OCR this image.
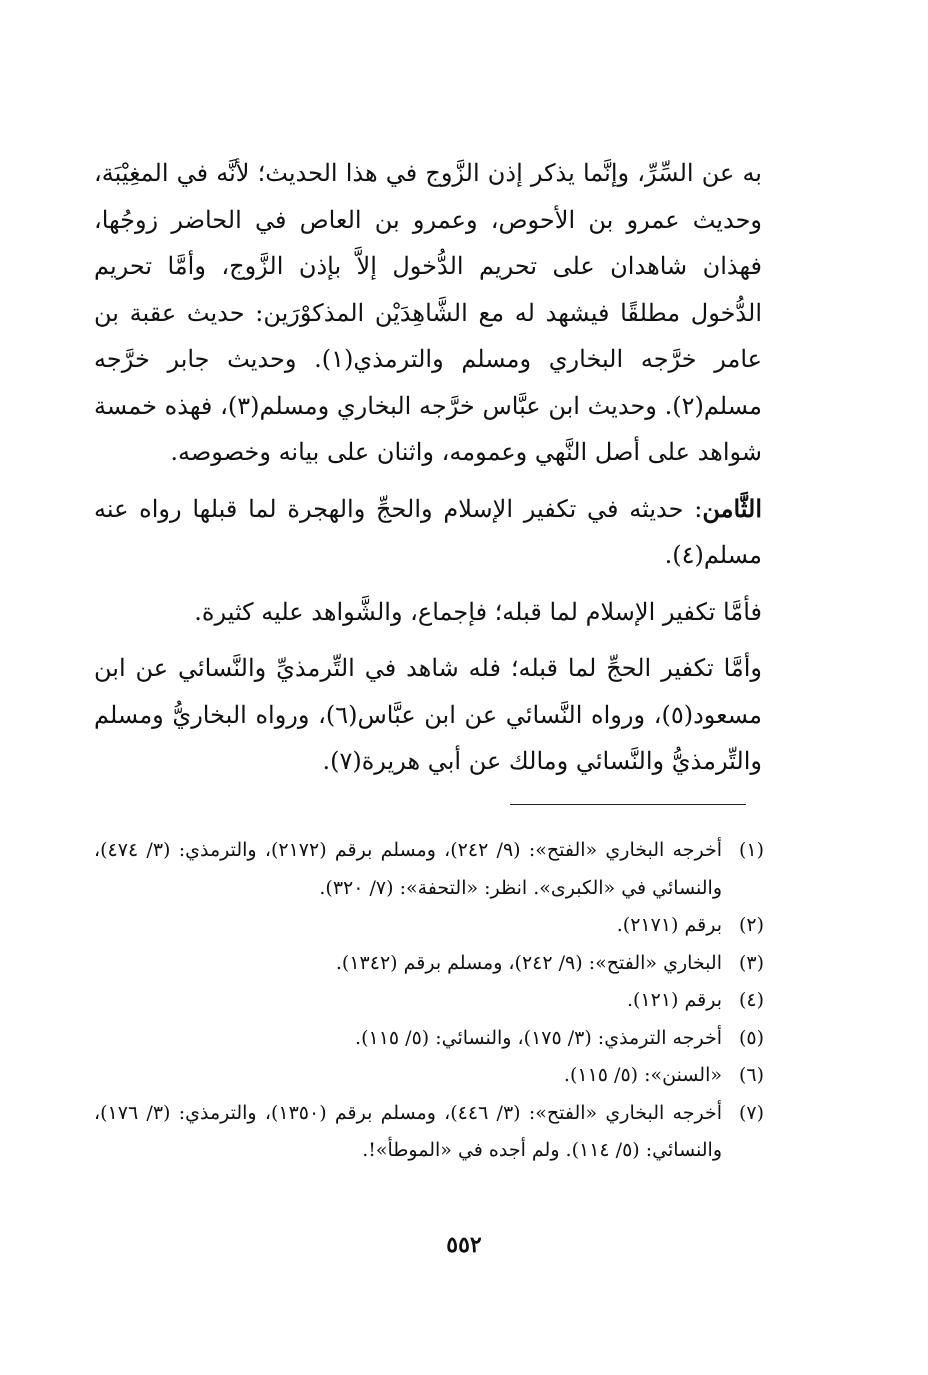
به عن السِّرِّ، وإنَّما يذكر إذن الزَّوج في هذا الحديث؛ لأنَّه في المغِيْبَة، وحديث عمرو بن الأحوص، وعمرو بن العاص في الحاضر زوجُها، فهذان شاهدان على تحريم الدُّخول إلاَّ بإذن الزَّوج، وأمَّا تحريم الدُّخول مطلقًا فيشهد له مع الشَّاهِدَيْن المذكوْرَين: حديث عقبة بن عامر خرَّجه البخاري ومسلم والترمذي(١). وحديث جابر خرَّجه مسلم(٢). وحديث ابن عبَّاس خرَّجه البخاري ومسلم(٣)، فهذه خمسة شواهد على أصل النَّهي وعمومه، واثنان على بيانه وخصوصه.

الثَّامن: حديثه في تكفير الإسلام والحجِّ والهجرة لما قبلها رواه عنه مسلم(٤).

فأمَّا تكفير الإسلام لما قبله؛ فإجماع، والشَّواهد عليه كثيرة.

وأمَّا تكفير الحجِّ لما قبله؛ فله شاهد في التِّرمذيِّ والنَّسائي عن ابن مسعود(٥)، ورواه النَّسائي عن ابن عبَّاس(٦)، ورواه البخاريُّ ومسلم والتِّرمذيُّ والنَّسائي ومالك عن أبي هريرة(٧).

(١)
أخرجه البخاري «الفتح»: (٩/ ٢٤٢)، ومسلم برقم (٢١٧٢)، والترمذي: (٣/ ٤٧٤)، والنسائي في «الكبرى». انظر: «التحفة»: (٧/ ٣٢٠).
(٢)
برقم (٢١٧١).
(٣)
البخاري «الفتح»: (٩/ ٢٤٢)، ومسلم برقم (١٣٤٢).
(٤)
برقم (١٢١).
(٥)
أخرجه الترمذي: (٣/ ١٧٥)، والنسائي: (٥/ ١١٥).
(٦)
«السنن»: (٥/ ١١٥).
(٧)
أخرجه البخاري «الفتح»: (٣/ ٤٤٦)، ومسلم برقم (١٣٥٠)، والترمذي: (٣/ ١٧٦)، والنسائي: (٥/ ١١٤). ولم أجده في «الموطأ»!.
٥٥٢
